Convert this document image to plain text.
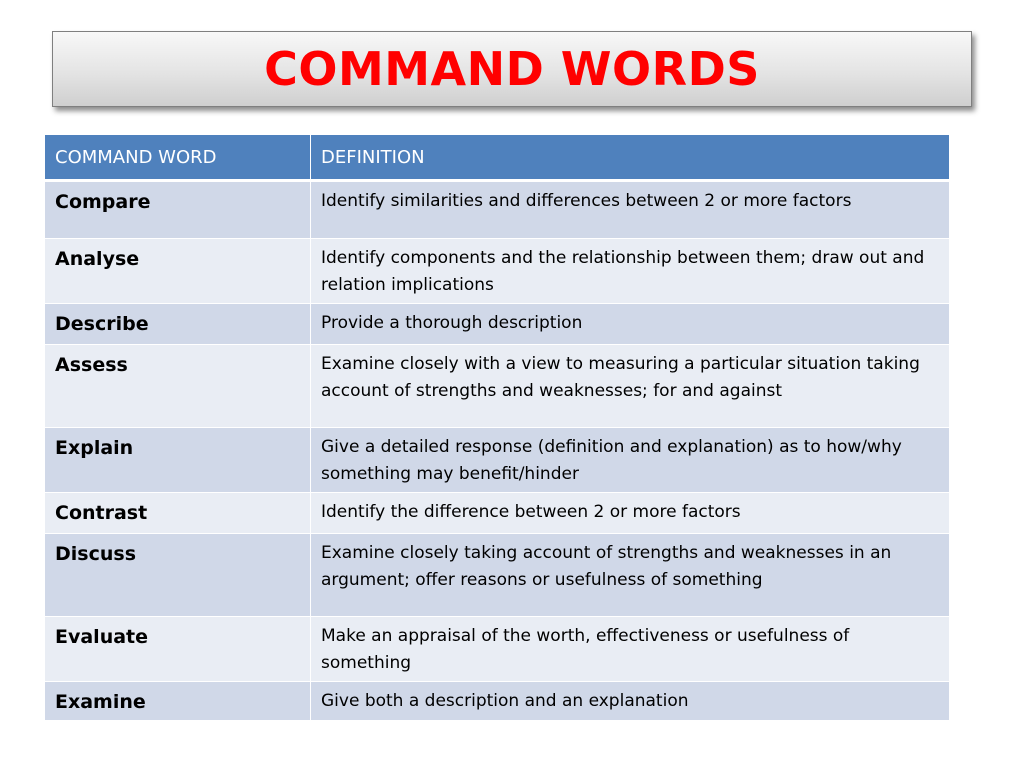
COMMAND WORDS
COMMAND WORD	DEFINITION
Compare	Identify similarities and differences between 2 or more factors
Analyse	Identify components and the relationship between them; draw out and relation implications
Describe	Provide a thorough description
Assess	Examine closely with a view to measuring a particular situation taking account of strengths and weaknesses; for and against
Explain	Give a detailed response (definition and explanation) as to how/why something may benefit/hinder
Contrast	Identify the difference between 2 or more factors
Discuss	Examine closely taking account of strengths and weaknesses in an argument; offer reasons or usefulness of something
Evaluate	Make an appraisal of the worth, effectiveness or usefulness of something
Examine	Give both a description and an explanation
